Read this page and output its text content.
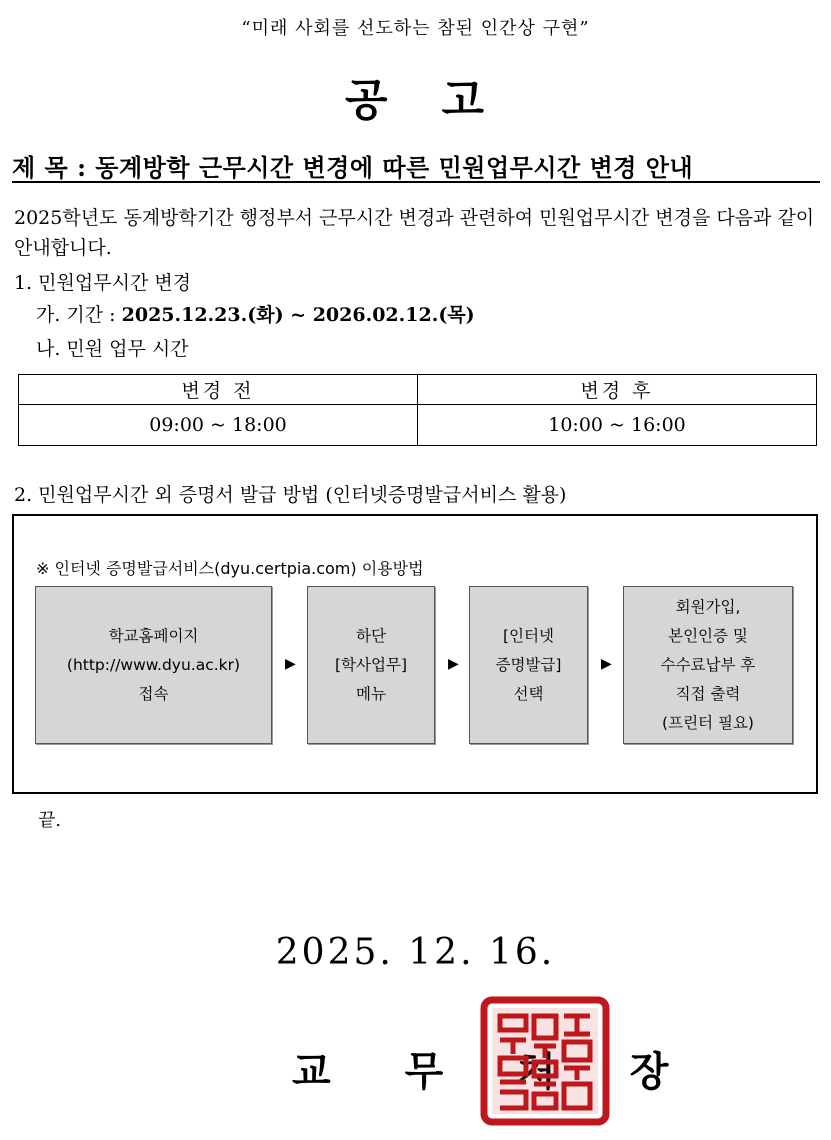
“미래 사회를 선도하는 참된 인간상 구현”
공   고
제 목 : 동계방학 근무시간 변경에 따른 민원업무시간 변경 안내
2025학년도 동계방학기간 행정부서 근무시간 변경과 관련하여 민원업무시간 변경을 다음과 같이 안내합니다.
1. 민원업무시간 변경
가. 기간 : 2025.12.23.(화) ~ 2026.02.12.(목)
나. 민원 업무 시간
변경 전	변경 후
09:00 ~ 18:00	10:00 ~ 16:00
2. 민원업무시간 외 증명서 발급 방법 (인터넷증명발급서비스 활용)
※ 인터넷 증명발급서비스(dyu.certpia.com) 이용방법
학교홈페이지
(http://www.dyu.ac.kr)
접속
▶
하단
[학사업무]
메뉴
▶
[인터넷
증명발급]
선택
▶
회원가입,
본인인증 및
수수료납부 후
직접 출력
(프린터 필요)
끝.
2025. 12. 16.
교 무 처 장
